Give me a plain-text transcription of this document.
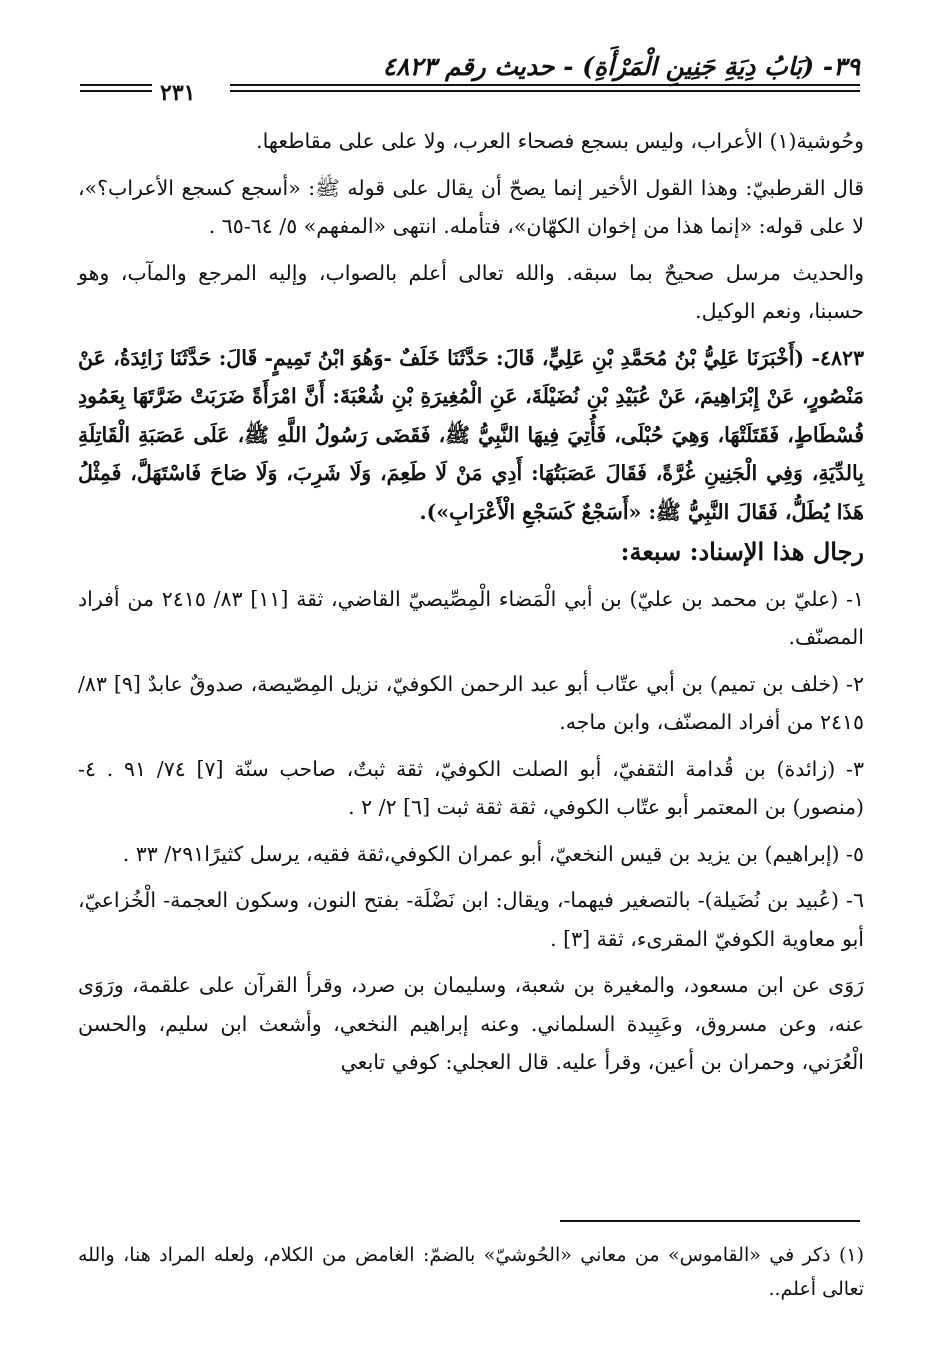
٣٩- (بَابُ دِيَةِ جَنِينِ الْمَرْأَةِ) - حديث رقم ٤٨٢٣
٢٣١

وحُوشية(١) الأعراب، وليس بسجع فصحاء العرب، ولا على على مقاطعها.

قال القرطبيّ: وهذا القول الأخير إنما يصحّ أن يقال على قوله ﷺ: «أسجع كسجع الأعراب؟»، لا على قوله: «إنما هذا من إخوان الكهّان»، فتأمله. انتهى «المفهم» ٥/ ٦٤-٦٥ .

والحديث مرسل صحيحٌ بما سبقه. والله تعالى أعلم بالصواب، وإليه المرجع والمآب، وهو حسبنا، ونعم الوكيل.

٤٨٢٣- (أَخْبَرَنَا عَلِيُّ بْنُ مُحَمَّدِ بْنِ عَلِيٍّ، قَالَ: حَدَّثَنَا خَلَفٌ -وَهُوَ ابْنُ تَمِيمٍ- قَالَ: حَدَّثَنَا زَائِدَةُ، عَنْ مَنْصُورٍ، عَنْ إِبْرَاهِيمَ، عَنْ عُبَيْدِ بْنِ نُضَيْلَةَ، عَنِ الْمُغِيرَةِ بْنِ شُعْبَةَ: أَنَّ امْرَأَةً ضَرَبَتْ ضَرَّتَهَا بِعَمُودِ فُسْطَاطٍ، فَقَتَلَتْهَا، وَهِيَ حُبْلَى، فَأُتِيَ فِيهَا النَّبِيُّ ﷺ، فَقَضَى رَسُولُ اللَّهِ ﷺ، عَلَى عَصَبَةِ الْقَاتِلَةِ بِالدِّيَةِ، وَفِي الْجَنِينِ غُرَّةً، فَقَالَ عَصَبَتُهَا: أَدِي مَنْ لَا طَعِمَ، وَلَا شَرِبَ، وَلَا صَاحَ فَاسْتَهَلَّ، فَمِثْلُ هَذَا يُطَلُّ، فَقَالَ النَّبِيُّ ﷺ: «أَسَجْعٌ كَسَجْعِ الْأَعْرَابِ»).

رجال هذا الإسناد: سبعة:

١- (عليّ بن محمد بن عليّ) بن أبي الْمَضاء الْمِصِّيصيّ القاضي، ثقة [١١] ٨٣/ ٢٤١٥ من أفراد المصنّف.

٢- (خلف بن تميم) بن أبي عتّاب أبو عبد الرحمن الكوفيّ، نزيل المِصّيصة، صدوقٌ عابدٌ [٩] ٨٣/ ٢٤١٥ من أفراد المصنّف، وابن ماجه.

٣- (زائدة) بن قُدامة الثقفيّ، أبو الصلت الكوفيّ، ثقة ثبتٌ، صاحب سنّة [٧] ٧٤/ ٩١ . ٤- (منصور) بن المعتمر أبو عتّاب الكوفي، ثقة ثقة ثبت [٦] ٢/ ٢ .

٥- (إبراهيم) بن يزيد بن قيس النخعيّ، أبو عمران الكوفي،ثقة فقيه، يرسل كثيرًا٢٩١/ ٣٣ .

٦- (عُبيد بن نُضَيلة)- بالتصغير فيهما-، ويقال: ابن نَضْلَة- بفتح النون، وسكون العجمة- الْخُزاعيّ، أبو معاوية الكوفيّ المقرىء، ثقة [٣] .

رَوَى عن ابن مسعود، والمغيرة بن شعبة، وسليمان بن صرد، وقرأ القرآن على علقمة، ورَوَى عنه، وعن مسروق، وعَبِيدة السلماني. وعنه إبراهيم النخعي، وأشعث ابن سليم، والحسن الْعُرَني، وحمران بن أعين، وقرأ عليه. قال العجلي: كوفي تابعي

(١) ذكر في «القاموس» من معاني «الحُوشيّ» بالضمّ: الغامض من الكلام، ولعله المراد هنا، والله تعالى أعلم..
